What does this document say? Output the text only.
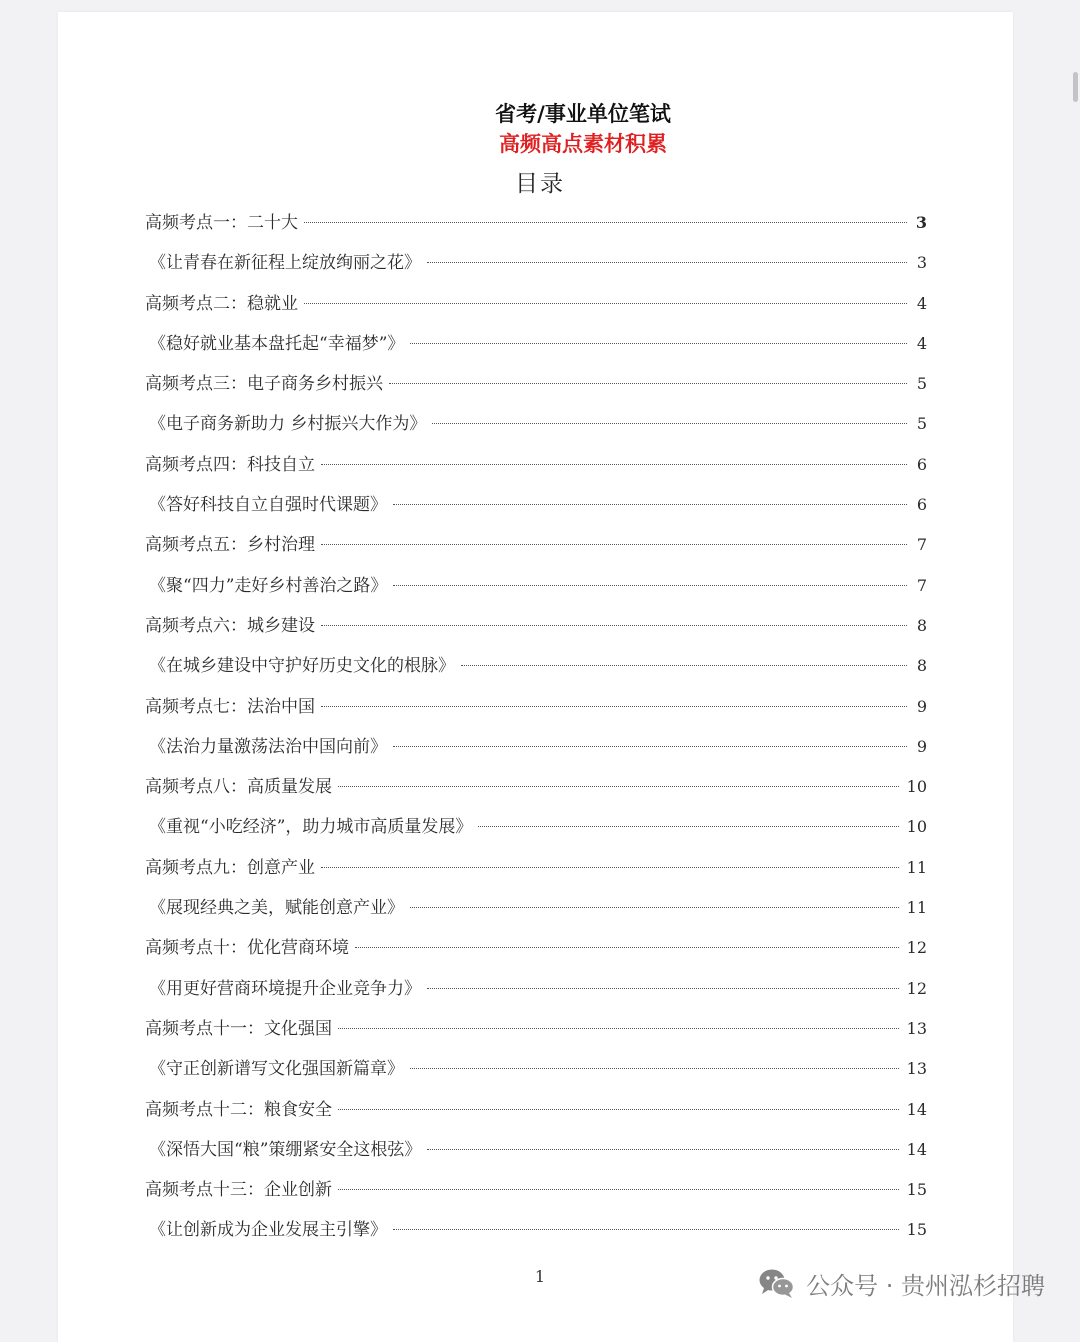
省考/事业单位笔试
高频高点素材积累
目录
高频考点一：二十大	3
《让青春在新征程上绽放绚丽之花》	3
高频考点二：稳就业	4
《稳好就业基本盘托起“幸福梦”》	4
高频考点三：电子商务乡村振兴	5
《电子商务新助力 乡村振兴大作为》	5
高频考点四：科技自立	6
《答好科技自立自强时代课题》	6
高频考点五：乡村治理	7
《聚“四力”走好乡村善治之路》	7
高频考点六：城乡建设	8
《在城乡建设中守护好历史文化的根脉》	8
高频考点七：法治中国	9
《法治力量激荡法治中国向前》	9
高频考点八：高质量发展	10
《重视“小吃经济”，助力城市高质量发展》	10
高频考点九：创意产业	11
《展现经典之美，赋能创意产业》	11
高频考点十：优化营商环境	12
《用更好营商环境提升企业竞争力》	12
高频考点十一：文化强国	13
《守正创新谱写文化强国新篇章》	13
高频考点十二：粮食安全	14
《深悟大国“粮”策绷紧安全这根弦》	14
高频考点十三：企业创新	15
《让创新成为企业发展主引擎》	15
1	公众号 · 贵州泓杉招聘
